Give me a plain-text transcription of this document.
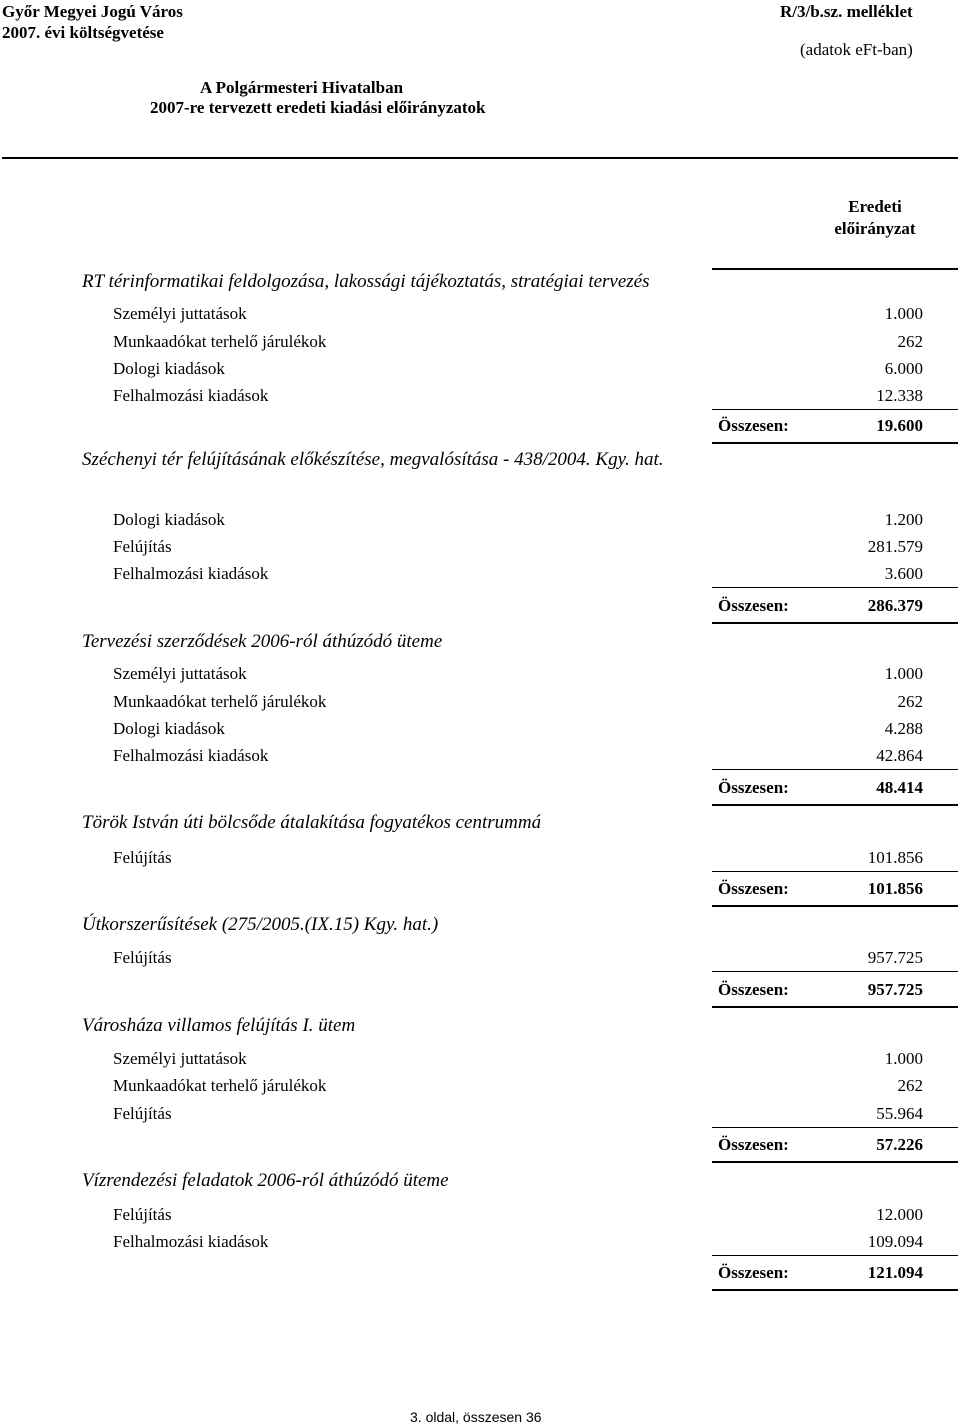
Győr Megyei Jogú Város
2007. évi költségvetése
R/3/b.sz. melléklet
(adatok eFt-ban)
A Polgármesteri Hivatalban
2007-re tervezett eredeti kiadási előirányzatok
Eredeti
előirányzat
RT térinformatikai feldolgozása, lakossági tájékoztatás, stratégiai tervezés
Személyi juttatások	1.000
Munkaadókat terhelő járulékok	262
Dologi kiadások	6.000
Felhalmozási kiadások	12.338
Összesen:	19.600
Széchenyi tér felújításának előkészítése, megvalósítása - 438/2004. Kgy. hat.
Dologi kiadások	1.200
Felújítás	281.579
Felhalmozási kiadások	3.600
Összesen:	286.379
Tervezési szerződések 2006-ról áthúzódó üteme
Személyi juttatások	1.000
Munkaadókat terhelő járulékok	262
Dologi kiadások	4.288
Felhalmozási kiadások	42.864
Összesen:	48.414
Török István úti bölcsőde átalakítása fogyatékos centrummá
Felújítás	101.856
Összesen:	101.856
Útkorszerűsítések (275/2005.(IX.15) Kgy. hat.)
Felújítás	957.725
Összesen:	957.725
Városháza villamos felújítás I. ütem
Személyi juttatások	1.000
Munkaadókat terhelő járulékok	262
Felújítás	55.964
Összesen:	57.226
Vízrendezési feladatok 2006-ról áthúzódó üteme
Felújítás	12.000
Felhalmozási kiadások	109.094
Összesen:	121.094
3. oldal, összesen 36
